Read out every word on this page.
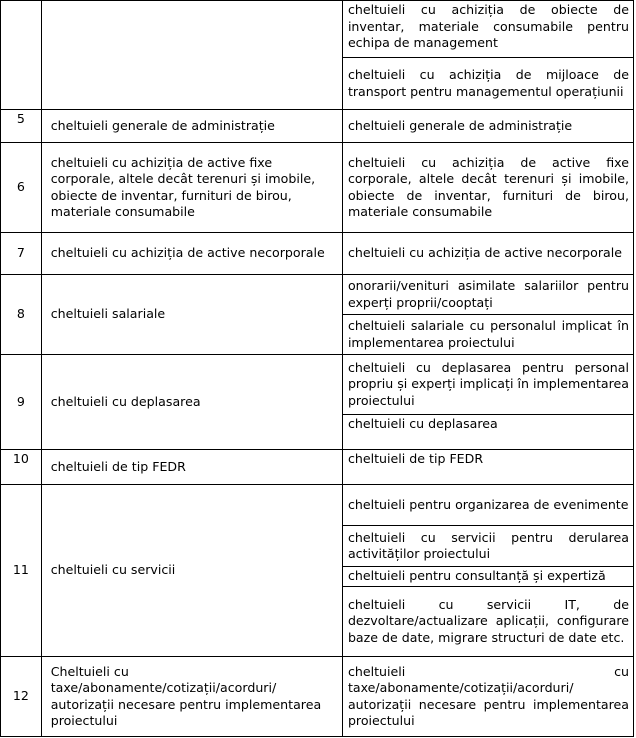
		cheltuieli cu achiziția de obiecte de inventar, materiale consumabile pentru echipa de management
		cheltuieli cu achiziția de mijloace de transport pentru managementul operațiunii
5	cheltuieli generale de administrație	cheltuieli generale de administrație
6	cheltuieli cu achiziția de active fixe corporale, altele decât terenuri și imobile, obiecte de inventar, furnituri de birou, materiale consumabile	cheltuieli cu achiziția de active fixe corporale, altele decât terenuri și imobile, obiecte de inventar, furnituri de birou, materiale consumabile
7	cheltuieli cu achiziția de active necorporale	cheltuieli cu achiziția de active necorporale
8	cheltuieli salariale	onorarii/venituri asimilate salariilor pentru experți proprii/cooptați
		cheltuieli salariale cu personalul implicat în implementarea proiectului
9	cheltuieli cu deplasarea	cheltuieli cu deplasarea pentru personal propriu și experți implicați în implementarea proiectului
		cheltuieli cu deplasarea
10	cheltuieli de tip FEDR	cheltuieli de tip FEDR
11	cheltuieli cu servicii	cheltuieli pentru organizarea de evenimente
		cheltuieli cu servicii pentru derularea activităților proiectului
		cheltuieli pentru consultanță și expertiză
		cheltuieli cu servicii IT, de dezvoltare/actualizare aplicații, configurare baze de date, migrare structuri de date etc.
12	Cheltuieli cu taxe/abonamente/cotizații/acorduri/ autorizații necesare pentru implementarea proiectului	cheltuieli cu taxe/abonamente/cotizații/acorduri/ autorizații necesare pentru implementarea proiectului
